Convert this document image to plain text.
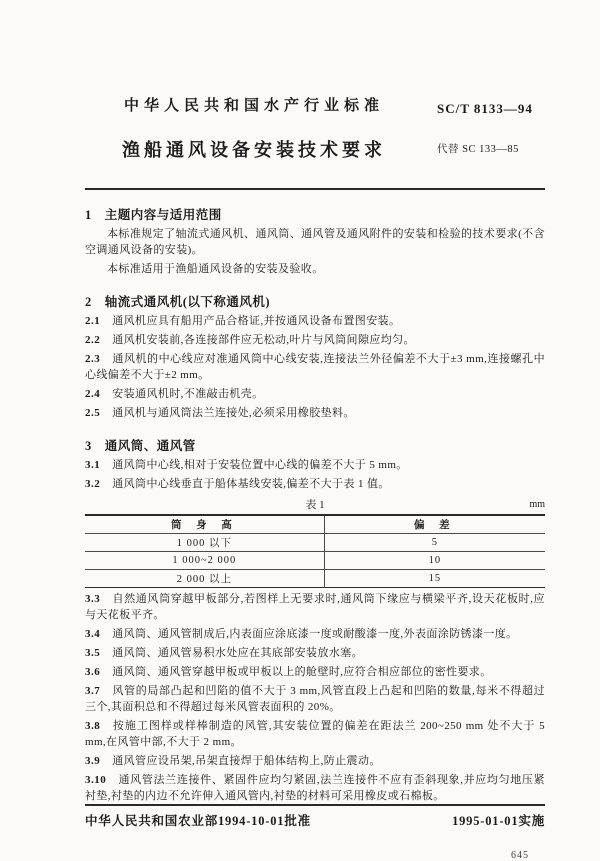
中华人民共和国水产行业标准
渔船通风设备安装技术要求
SC/T 8133—94
代替 SC 133—85
1 主题内容与适用范围

本标准规定了轴流式通风机、通风筒、通风管及通风附件的安装和检验的技术要求(不含空调通风设备的安装)。

本标准适用于渔船通风设备的安装及验收。

2 轴流式通风机(以下称通风机)

2.1 通风机应具有船用产品合格证,并按通风设备布置图安装。

2.2 通风机安装前,各连接部件应无松动,叶片与风筒间隙应均匀。

2.3 通风机的中心线应对准通风筒中心线安装,连接法兰外径偏差不大于±3 mm,连接螺孔中心线偏差不大于±2 mm。

2.4 安装通风机时,不准敲击机壳。

2.5 通风机与通风筒法兰连接处,必须采用橡胶垫料。

3 通风筒、通风管

3.1 通风筒中心线,相对于安装位置中心线的偏差不大于 5 mm。

3.2 通风筒中心线垂直于船体基线安装,偏差不大于表 1 值。

表 1	mm
筒 身 高	偏 差
1 000 以下	5
1 000~2 000	10
2 000 以上	15

3.3 自然通风筒穿越甲板部分,若图样上无要求时,通风筒下缘应与横梁平齐,设天花板时,应与天花板平齐。

3.4 通风筒、通风管制成后,内表面应涂底漆一度或耐酸漆一度,外表面涂防锈漆一度。

3.5 通风筒、通风管易积水处应在其底部安装放水塞。

3.6 通风筒、通风管穿越甲板或甲板以上的舱壁时,应符合相应部位的密性要求。

3.7 风管的局部凸起和凹陷的值不大于 3 mm,风管直段上凸起和凹陷的数量,每米不得超过三个,其面积总和不得超过每米风管表面积的 20%。

3.8 按施工图样或样棒制造的风管,其安装位置的偏差在距法兰 200~250 mm 处不大于 5 mm,在风管中部,不大于 2 mm。

3.9 通风管应设吊架,吊架直接焊于船体结构上,防止震动。

3.10 通风管法兰连接件、紧固件应均匀紧固,法兰连接件不应有歪斜现象,并应均匀地压紧衬垫,衬垫的内边不允许伸入通风管内,衬垫的材料可采用橡皮或石棉板。

中华人民共和国农业部1994-10-01批准	1995-01-01实施
645
